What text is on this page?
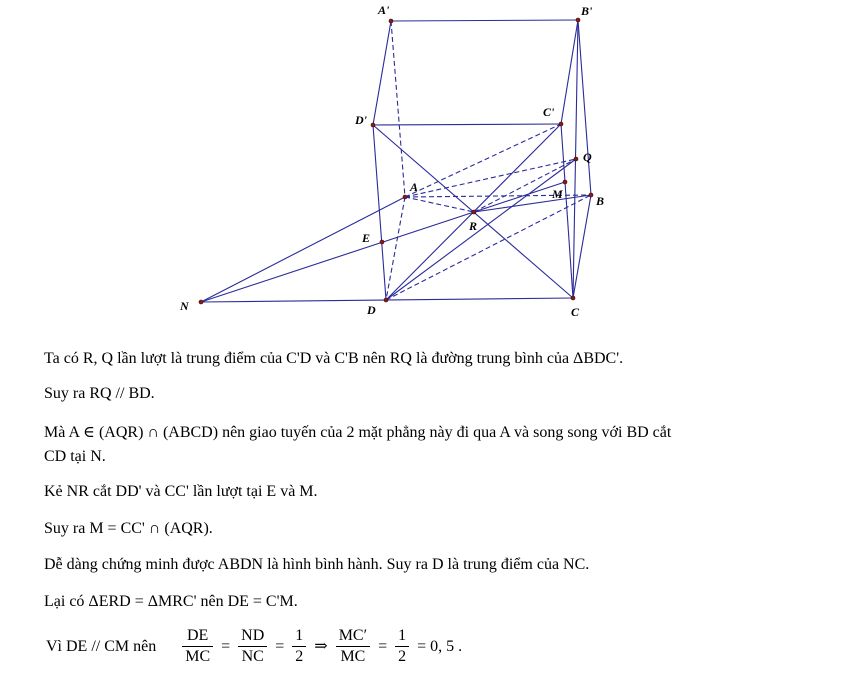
A'	B'
D'
C'
Q
A	M	B
E
R
N	D	C
Ta có R, Q lần lượt là trung điểm của C'D và C'B nên RQ là đường trung bình của ΔBDC'.
Suy ra RQ // BD.
Mà A ∈ (AQR) ∩ (ABCD) nên giao tuyến của 2 mặt phẳng này đi qua A và song song với BD cắt
CD tại N.
Kẻ NR cắt DD' và CC' lần lượt tại E và M.
Suy ra M = CC' ∩ (AQR).
Dễ dàng chứng minh được ABDN là hình bình hành. Suy ra D là trung điểm của NC.
Lại có ΔERD = ΔMRC' nên DE = C'M.
Vì DE // CM nên $\frac{DE}{MC} = \frac{ND}{NC} = \frac{1}{2}$ ⇒ $\frac{MC'}{MC} = \frac{1}{2} = 0$, 5 .
